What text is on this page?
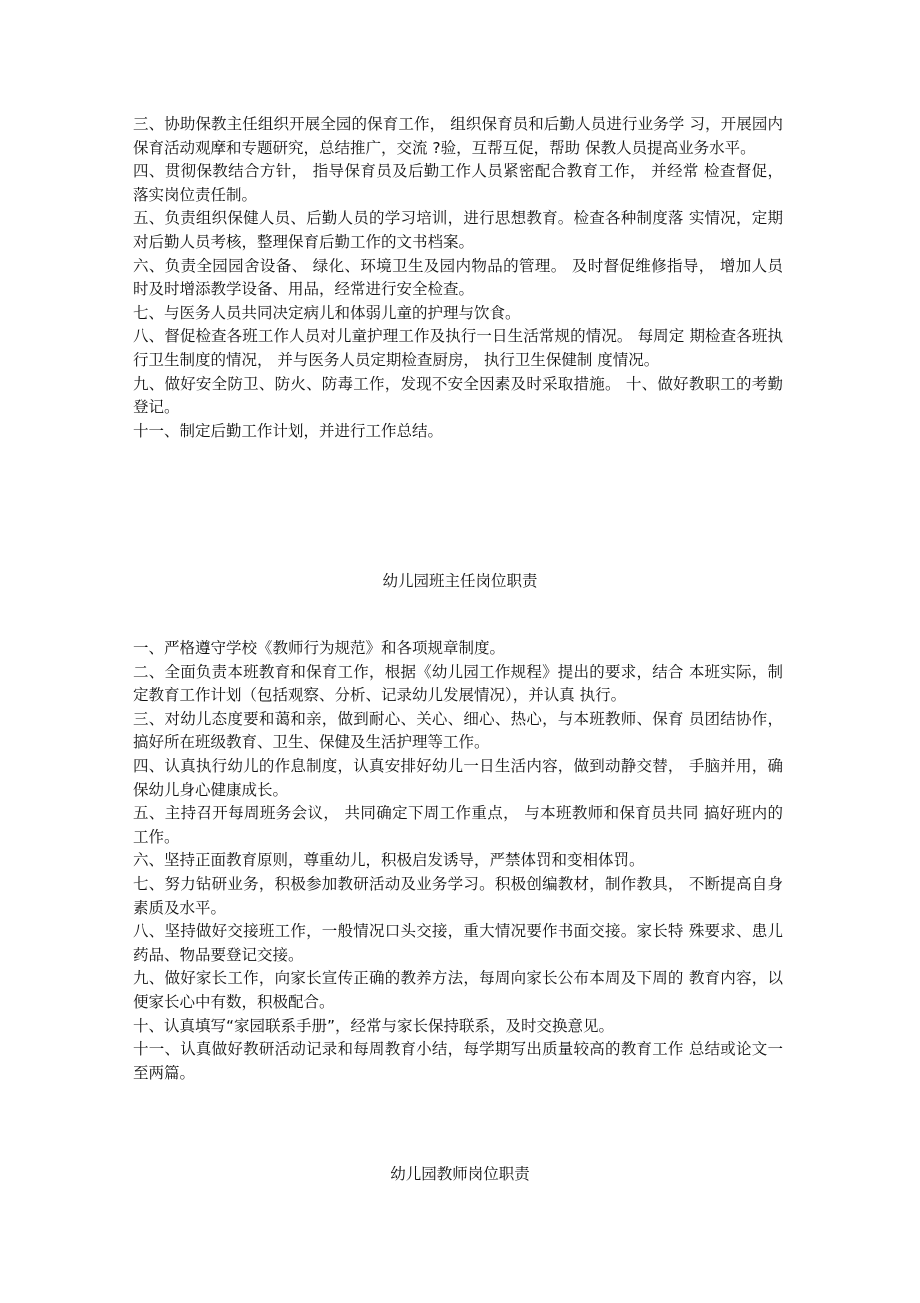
三、协助保教主任组织开展全园的保育工作， 组织保育员和后勤人员进行业务学 习，开展园内保育活动观摩和专题研究，总结推广，交流 ?验，互帮互促，帮助 保教人员提高业务水平。

四、贯彻保教结合方针， 指导保育员及后勤工作人员紧密配合教育工作， 并经常 检查督促，落实岗位责任制。

五、负责组织保健人员、后勤人员的学习培训，进行思想教育。检查各种制度落 实情况，定期对后勤人员考核，整理保育后勤工作的文书档案。

六、负责全园园舍设备、 绿化、环境卫生及园内物品的管理。 及时督促维修指导， 增加人员时及时增添教学设备、用品，经常进行安全检查。

七、与医务人员共同决定病儿和体弱儿童的护理与饮食。

八、督促检查各班工作人员对儿童护理工作及执行一日生活常规的情况。 每周定 期检查各班执行卫生制度的情况， 并与医务人员定期检查厨房， 执行卫生保健制 度情况。

九、做好安全防卫、防火、防毒工作，发现不安全因素及时采取措施。 十、做好教职工的考勤登记。

十一、制定后勤工作计划，并进行工作总结。

幼儿园班主任岗位职责

一、严格遵守学校《教师行为规范》和各项规章制度。

二、全面负责本班教育和保育工作，根据《幼儿园工作规程》提出的要求，结合 本班实际，制定教育工作计划（包括观察、分析、记录幼儿发展情况），并认真 执行。

三、对幼儿态度要和蔼和亲，做到耐心、关心、细心、热心，与本班教师、保育 员团结协作，搞好所在班级教育、卫生、保健及生活护理等工作。

四、认真执行幼儿的作息制度，认真安排好幼儿一日生活内容，做到动静交替， 手脑并用，确保幼儿身心健康成长。

五、主持召开每周班务会议， 共同确定下周工作重点， 与本班教师和保育员共同 搞好班内的工作。

六、坚持正面教育原则，尊重幼儿，积极启发诱导，严禁体罚和变相体罚。

七、努力钻研业务，积极参加教研活动及业务学习。积极创编教材，制作教具， 不断提高自身素质及水平。

八、坚持做好交接班工作，一般情况口头交接，重大情况要作书面交接。家长特 殊要求、患儿药品、物品要登记交接。

九、做好家长工作，向家长宣传正确的教养方法，每周向家长公布本周及下周的 教育内容，以便家长心中有数，积极配合。

十、认真填写“家园联系手册”，经常与家长保持联系，及时交换意见。

十一、认真做好教研活动记录和每周教育小结，每学期写出质量较高的教育工作 总结或论文一至两篇。

幼儿园教师岗位职责
